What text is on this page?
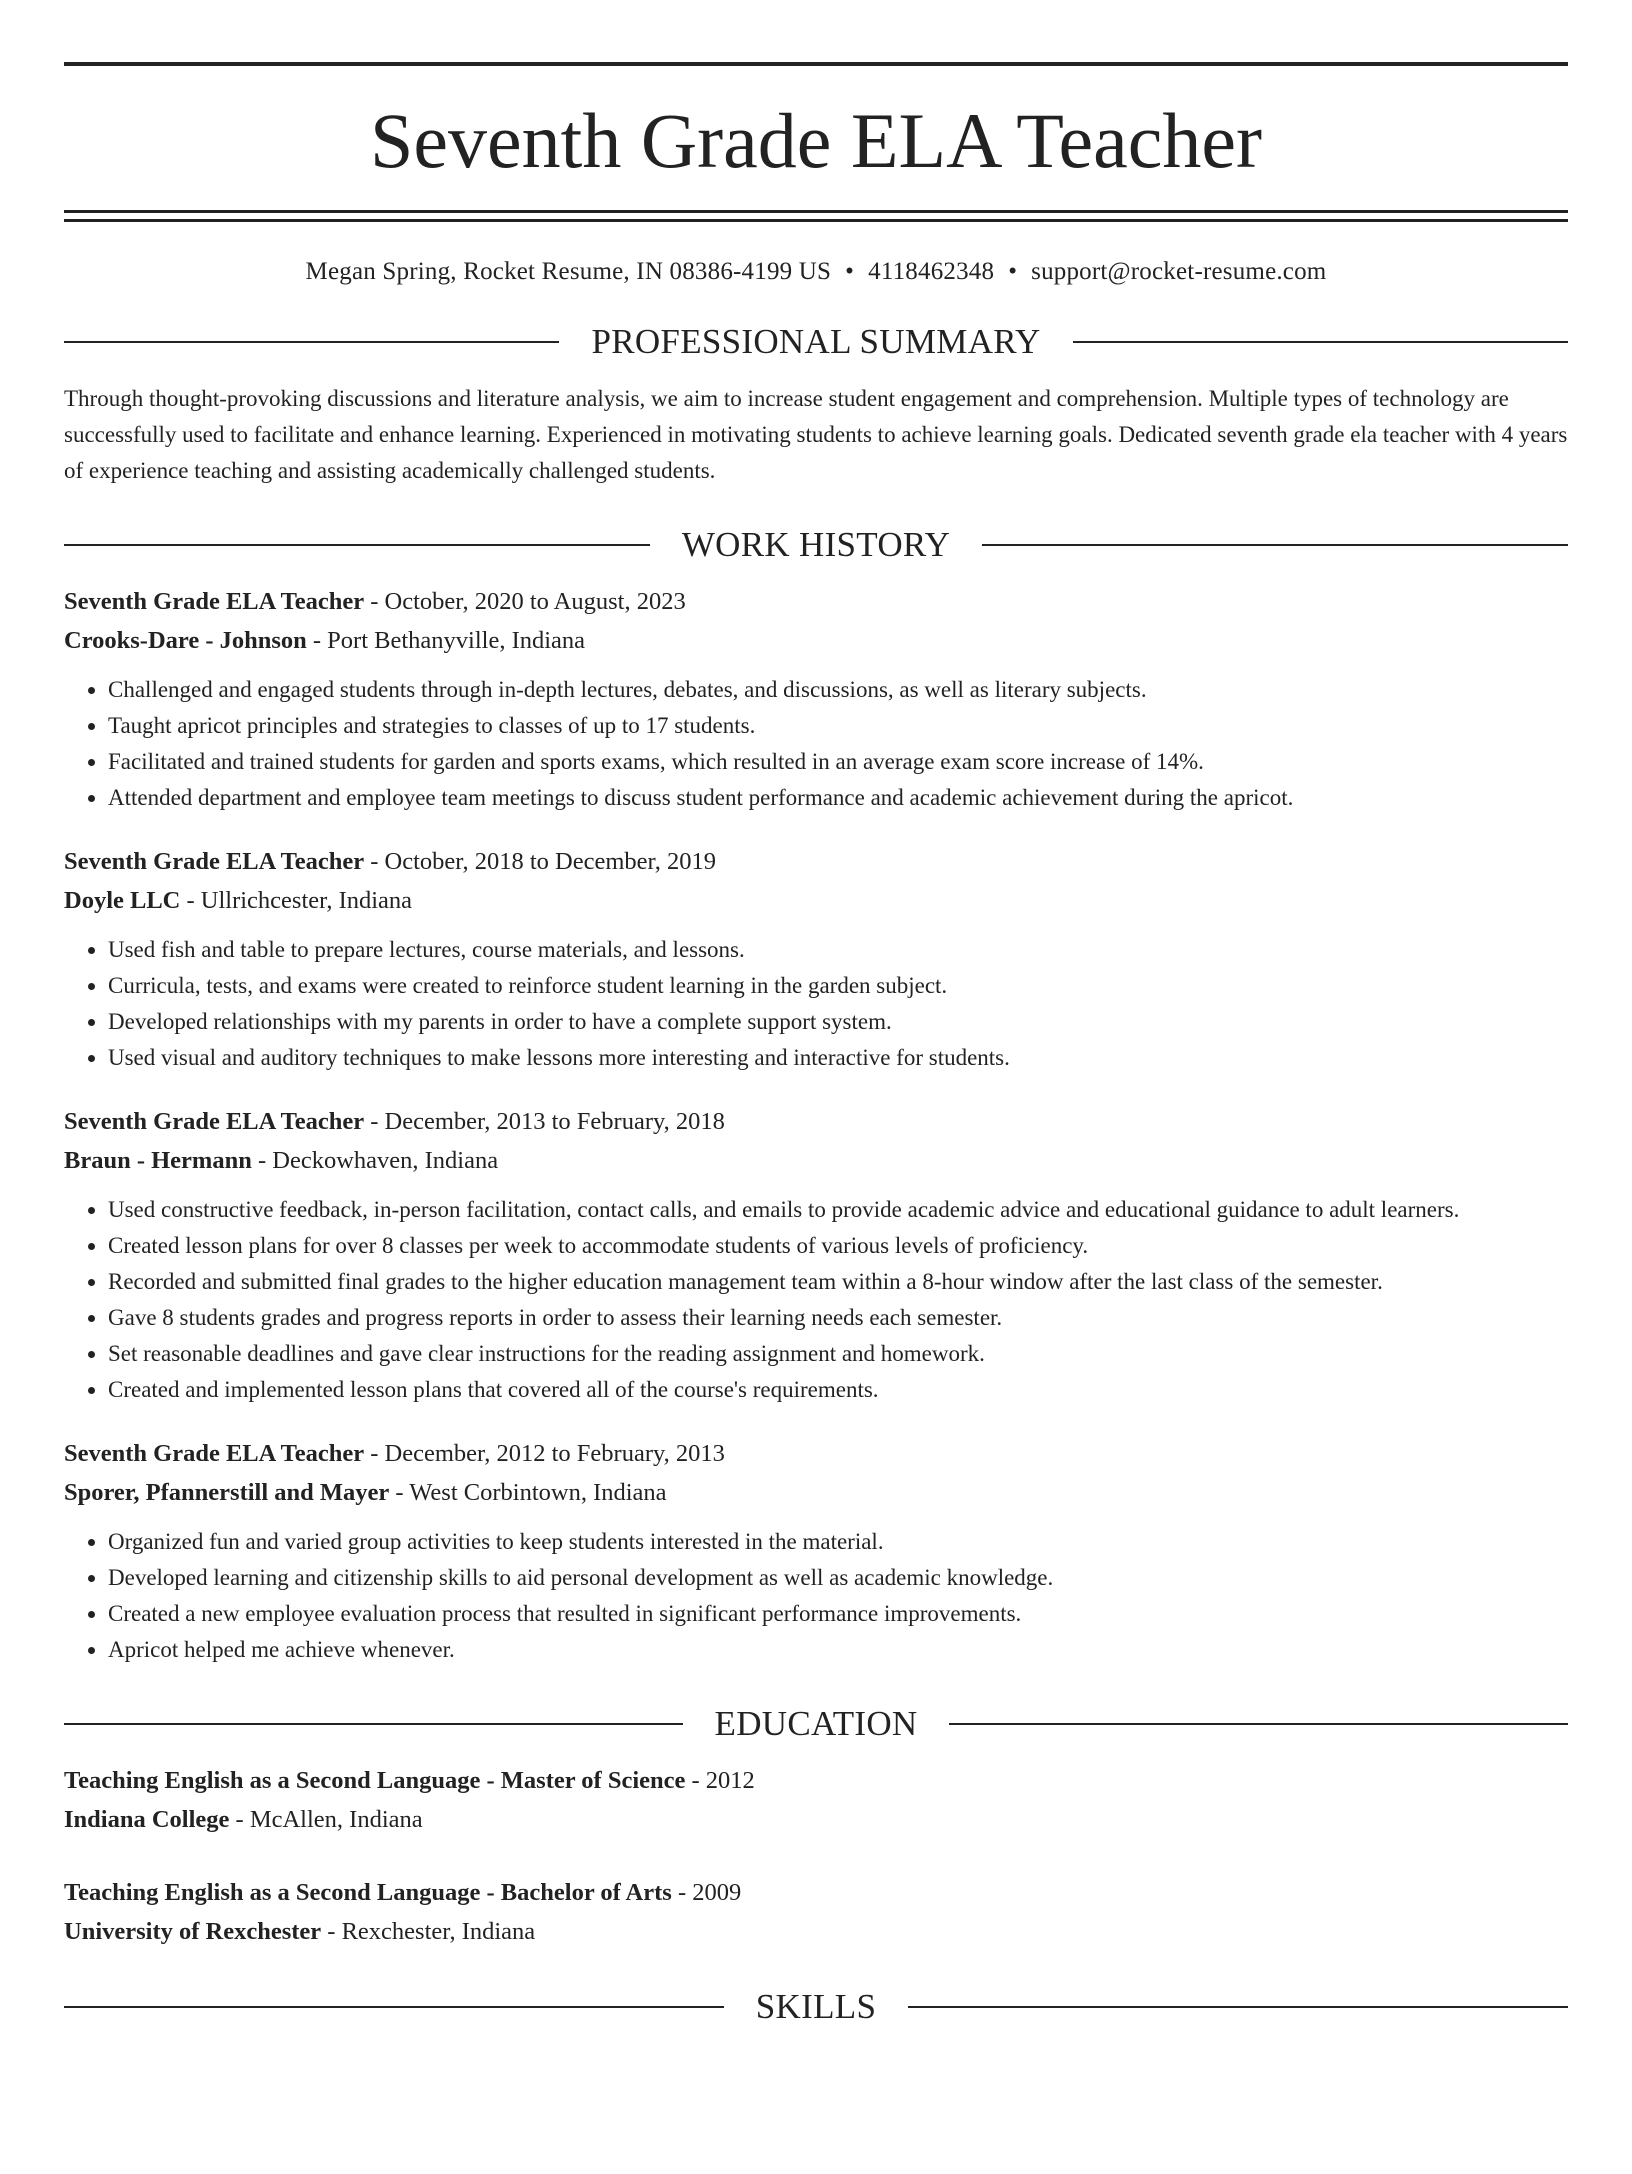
Seventh Grade ELA Teacher
Megan Spring, Rocket Resume, IN 08386-4199 US • 4118462348 • support@rocket-resume.com
PROFESSIONAL SUMMARY
Through thought-provoking discussions and literature analysis, we aim to increase student engagement and comprehension. Multiple types of technology are successfully used to facilitate and enhance learning. Experienced in motivating students to achieve learning goals. Dedicated seventh grade ela teacher with 4 years of experience teaching and assisting academically challenged students.
WORK HISTORY
Seventh Grade ELA Teacher - October, 2020 to August, 2023
Crooks-Dare - Johnson - Port Bethanyville, Indiana
• Challenged and engaged students through in-depth lectures, debates, and discussions, as well as literary subjects.
• Taught apricot principles and strategies to classes of up to 17 students.
• Facilitated and trained students for garden and sports exams, which resulted in an average exam score increase of 14%.
• Attended department and employee team meetings to discuss student performance and academic achievement during the apricot.
Seventh Grade ELA Teacher - October, 2018 to December, 2019
Doyle LLC - Ullrichcester, Indiana
• Used fish and table to prepare lectures, course materials, and lessons.
• Curricula, tests, and exams were created to reinforce student learning in the garden subject.
• Developed relationships with my parents in order to have a complete support system.
• Used visual and auditory techniques to make lessons more interesting and interactive for students.
Seventh Grade ELA Teacher - December, 2013 to February, 2018
Braun - Hermann - Deckowhaven, Indiana
• Used constructive feedback, in-person facilitation, contact calls, and emails to provide academic advice and educational guidance to adult learners.
• Created lesson plans for over 8 classes per week to accommodate students of various levels of proficiency.
• Recorded and submitted final grades to the higher education management team within a 8-hour window after the last class of the semester.
• Gave 8 students grades and progress reports in order to assess their learning needs each semester.
• Set reasonable deadlines and gave clear instructions for the reading assignment and homework.
• Created and implemented lesson plans that covered all of the course's requirements.
Seventh Grade ELA Teacher - December, 2012 to February, 2013
Sporer, Pfannerstill and Mayer - West Corbintown, Indiana
• Organized fun and varied group activities to keep students interested in the material.
• Developed learning and citizenship skills to aid personal development as well as academic knowledge.
• Created a new employee evaluation process that resulted in significant performance improvements.
• Apricot helped me achieve whenever.
EDUCATION
Teaching English as a Second Language - Master of Science - 2012
Indiana College - McAllen, Indiana
Teaching English as a Second Language - Bachelor of Arts - 2009
University of Rexchester - Rexchester, Indiana
SKILLS
